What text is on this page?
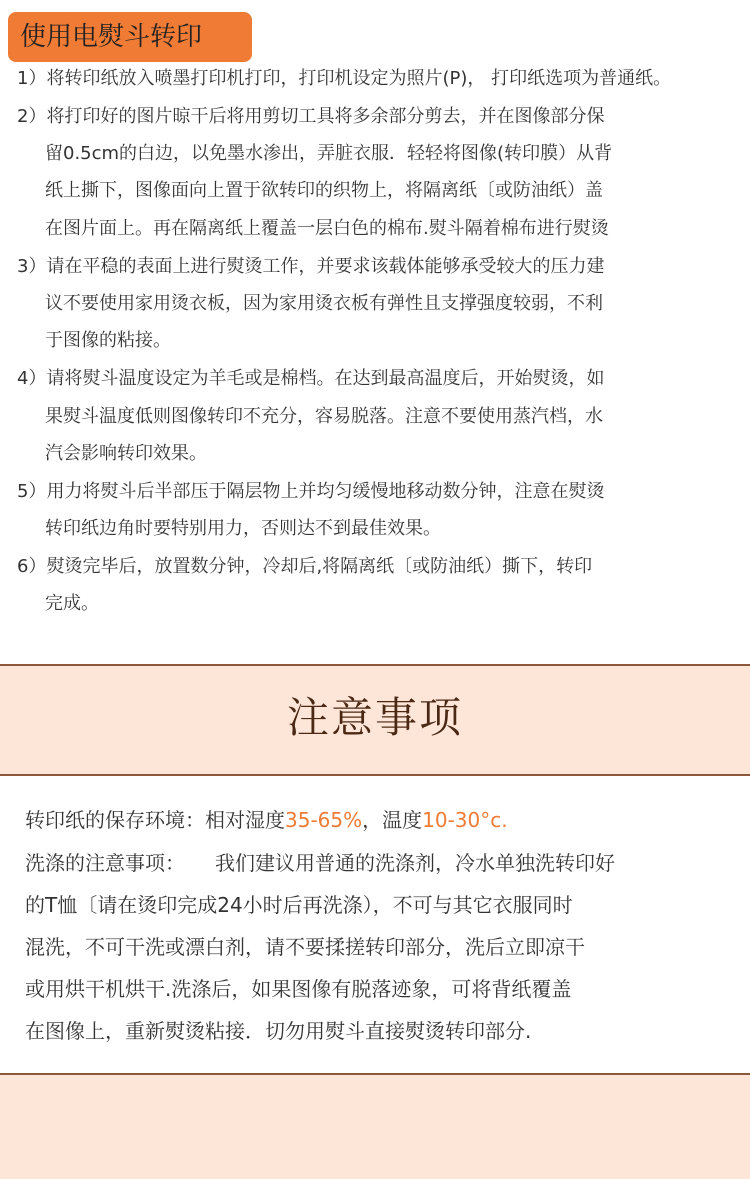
使用电熨斗转印
1）将转印纸放入喷墨打印机打印，打印机设定为照片(P)， 打印纸选项为普通纸。
2）将打印好的图片晾干后将用剪切工具将多余部分剪去，并在图像部分保
留0.5cm的白边，以免墨水渗出，弄脏衣服．轻轻将图像(转印膜）从背
纸上撕下，图像面向上置于欲转印的织物上，将隔离纸〔或防油纸）盖
在图片面上。再在隔离纸上覆盖一层白色的棉布.熨斗隔着棉布进行熨烫
3）请在平稳的表面上进行熨烫工作，并要求该载体能够承受较大的压力建
议不要使用家用烫衣板，因为家用烫衣板有弹性且支撑强度较弱，不利
于图像的粘接。
4）请将熨斗温度设定为羊毛或是棉档。在达到最高温度后，开始熨烫，如
果熨斗温度低则图像转印不充分，容易脱落。注意不要使用蒸汽档，水
汽会影响转印效果。
5）用力将熨斗后半部压于隔层物上并均匀缓慢地移动数分钟，注意在熨烫
转印纸边角时要特别用力，否则达不到最佳效果。
6）熨烫完毕后，放置数分钟，冷却后,将隔离纸〔或防油纸）撕下，转印
完成。
注意事项
转印纸的保存环境：相对湿度35-65%，温度10-30°c.
洗涤的注意事项： 我们建议用普通的洗涤剂，冷水单独洗转印好
的T恤〔请在烫印完成24小时后再洗涤），不可与其它衣服同时
混洗，不可干洗或漂白剂，请不要揉搓转印部分，洗后立即凉干
或用烘干机烘干.洗涤后，如果图像有脱落迹象，可将背纸覆盖
在图像上，重新熨烫粘接．切勿用熨斗直接熨烫转印部分.
